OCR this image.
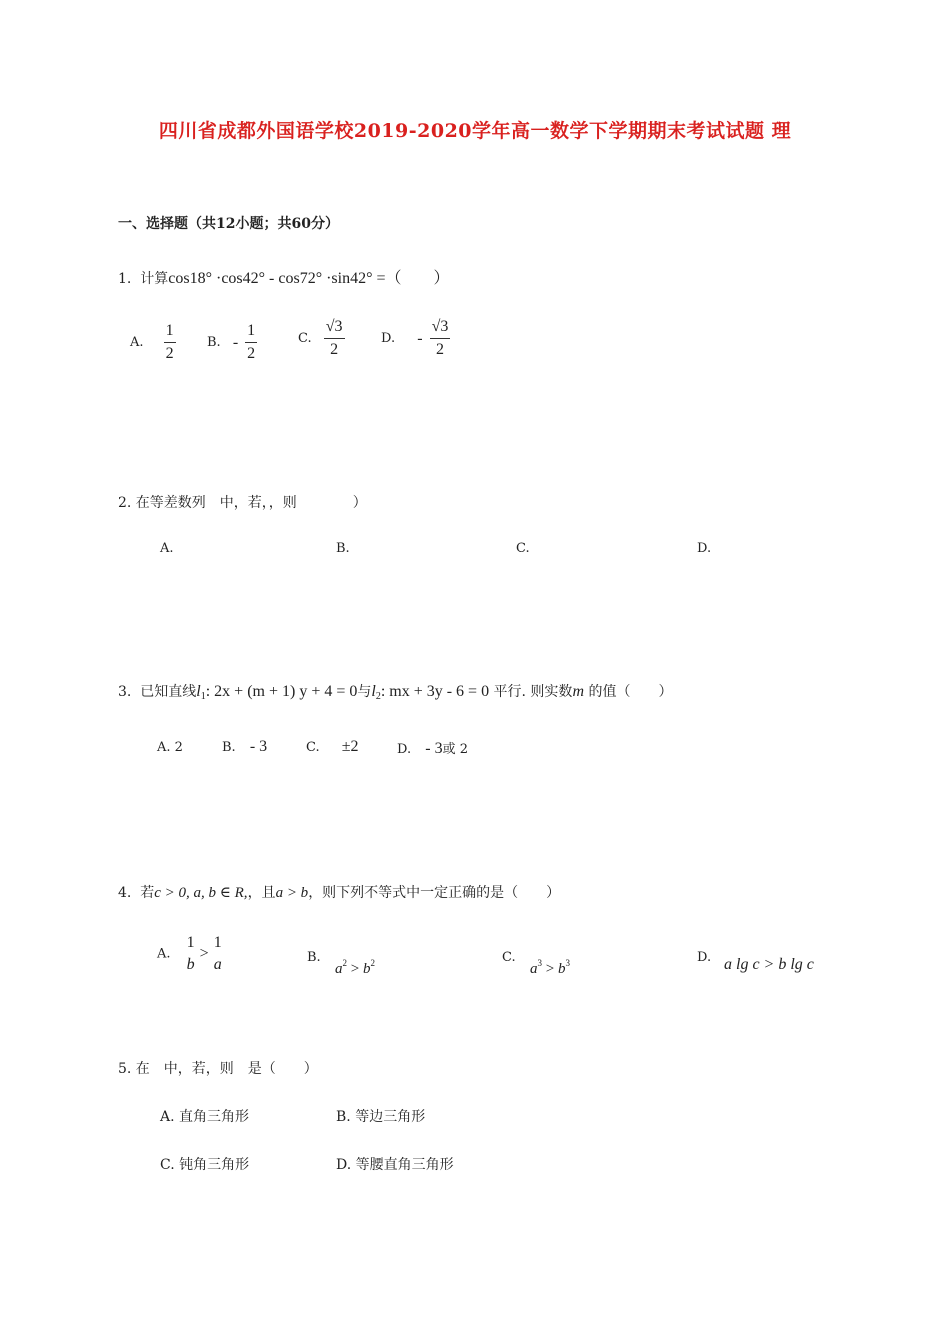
四川省成都外国语学校2019-2020学年高一数学下学期期末考试试题 理
一、选择题（共12小题；共60分）
1. 计算cos18° ·cos42° - cos72° ·sin42° =（　　）
A. $\frac{1}{2} B$. - $\frac{1}{2}$	C. $\frac{√3}{2}$	D. - $\frac{√3}{2}$
2. 在等差数列　中，若，，则　　　　）
A.	B.	C.	D.
3. 已知直线$l_1$: 2x + (m + 1) y + 4 = 0与$l_2$: mx + 3y - 6 = 0 平行. 则实数m 的值（　　）
A. 2	B. - 3	C. ±2	D. - 3或 2
4. 若c > 0, a, b ∈ R,，且a > b，则下列不等式中一定正确的是（　　）
A.
1
b
>
1
a	B.
$a^2 > b^2$	C.
$a^3 > b^3$	D. a lg c > b lg c
5. 在　中，若，则　是（　　）
A. 直角三角形	B. 等边三角形
C. 钝角三角形	D. 等腰直角三角形
